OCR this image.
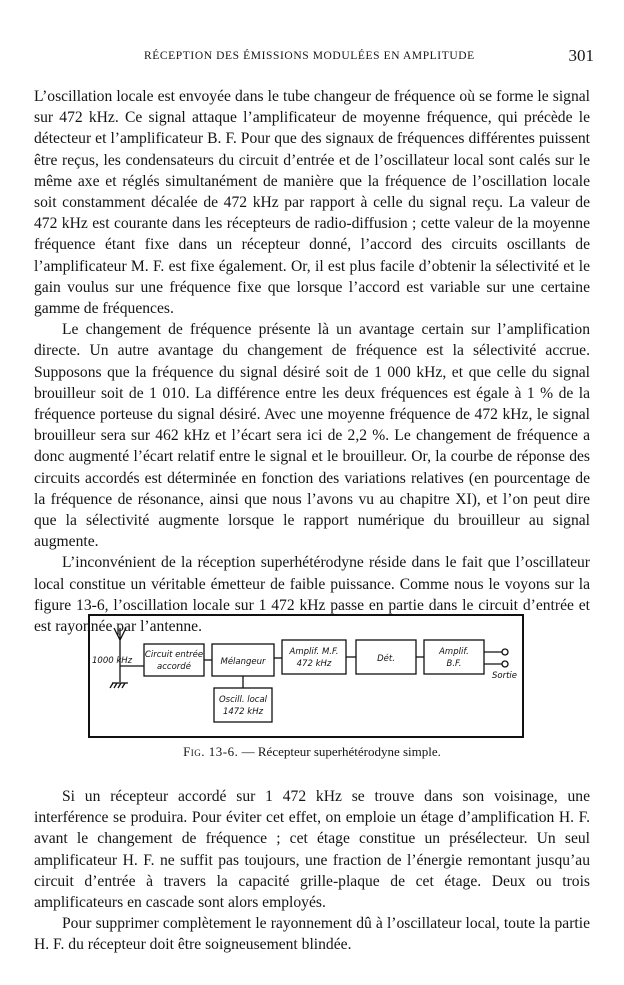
RÉCEPTION DES ÉMISSIONS MODULÉES EN AMPLITUDE	301

L’oscillation locale est envoyée dans le tube changeur de fréquence où se forme le signal sur 472 kHz. Ce signal attaque l’amplificateur de moyenne fréquence, qui précède le détecteur et l’amplificateur B. F. Pour que des signaux de fréquences différentes puissent être reçus, les condensateurs du circuit d’entrée et de l’oscillateur local sont calés sur le même axe et réglés simultanément de manière que la fréquence de l’oscillation locale soit constamment décalée de 472 kHz par rapport à celle du signal reçu. La valeur de 472 kHz est courante dans les récepteurs de radio-diffusion ; cette valeur de la moyenne fréquence étant fixe dans un récepteur donné, l’accord des circuits oscillants de l’amplificateur M. F. est fixe également. Or, il est plus facile d’obtenir la sélectivité et le gain voulus sur une fréquence fixe que lorsque l’accord est variable sur une certaine gamme de fréquences.

Le changement de fréquence présente là un avantage certain sur l’amplification directe. Un autre avantage du changement de fréquence est la sélectivité accrue. Supposons que la fréquence du signal désiré soit de 1 000 kHz, et que celle du signal brouilleur soit de 1 010. La différence entre les deux fréquences est égale à 1 % de la fréquence porteuse du signal désiré. Avec une moyenne fréquence de 472 kHz, le signal brouilleur sera sur 462 kHz et l’écart sera ici de 2,2 %. Le changement de fréquence a donc augmenté l’écart relatif entre le signal et le brouilleur. Or, la courbe de réponse des circuits accordés est déterminée en fonction des variations relatives (en pourcentage de la fréquence de résonance, ainsi que nous l’avons vu au chapitre XI), et l’on peut dire que la sélectivité augmente lorsque le rapport numérique du brouilleur au signal augmente.

L’inconvénient de la réception superhétérodyne réside dans le fait que l’oscillateur local constitue un véritable émetteur de faible puissance. Comme nous le voyons sur la figure 13-6, l’oscillation locale sur 1 472 kHz passe en partie dans le circuit d’entrée et est rayonnée par l’antenne.

1000 kHz
Circuit entrée
accordé	Mélangeur
Amplif. M.F.
472 kHz	Dét.
Amplif.
B.F.
Sortie
Oscill. local
1472 kHz
Fig. 13-6. — Récepteur superhétérodyne simple.

Si un récepteur accordé sur 1 472 kHz se trouve dans son voisinage, une interférence se produira. Pour éviter cet effet, on emploie un étage d’amplification H. F. avant le changement de fréquence ; cet étage constitue un présélecteur. Un seul amplificateur H. F. ne suffit pas toujours, une fraction de l’énergie remontant jusqu’au circuit d’entrée à travers la capacité grille-plaque de cet étage. Deux ou trois amplificateurs en cascade sont alors employés.

Pour supprimer complètement le rayonnement dû à l’oscillateur local, toute la partie H. F. du récepteur doit être soigneusement blindée.
